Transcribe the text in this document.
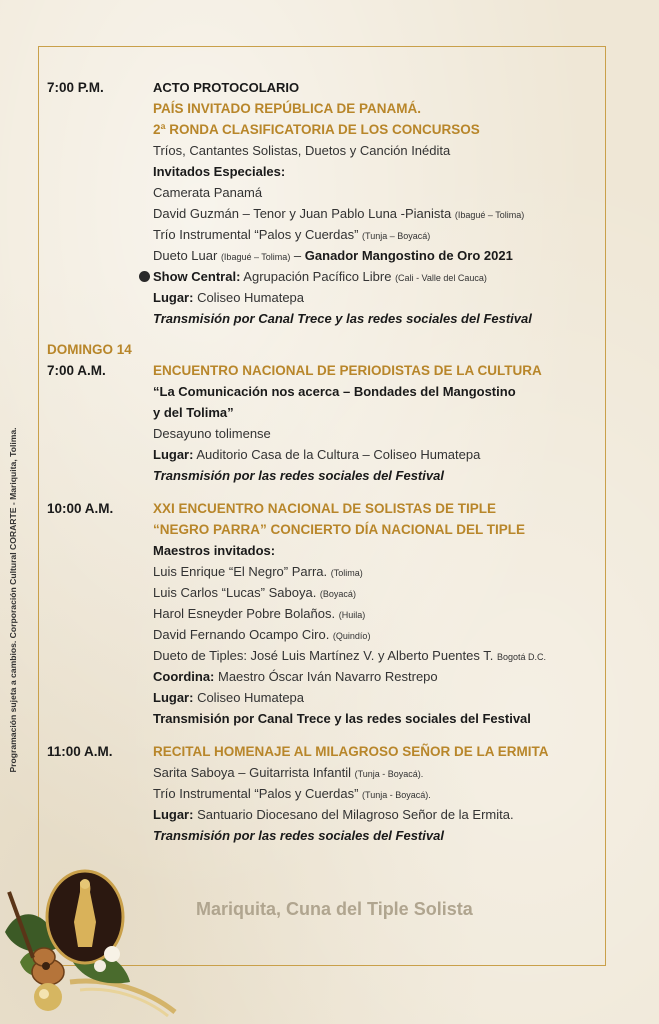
Programación sujeta a cambios. Corporación Cultural CORARTE - Mariquita, Tolima.
7:00 P.M.	ACTO PROTOCOLARIO
PAÍS INVITADO REPÚBLICA DE PANAMÁ.
2ª RONDA CLASIFICATORIA DE LOS CONCURSOS
Tríos, Cantantes Solistas, Duetos y Canción Inédita
Invitados Especiales:
Camerata Panamá
David Guzmán – Tenor y Juan Pablo Luna -Pianista (Ibagué – Tolima)
Trío Instrumental “Palos y Cuerdas” (Tunja – Boyacá)
Dueto Luar (Ibagué – Tolima) – Ganador Mangostino de Oro 2021
Show Central: Agrupación Pacífico Libre (Cali - Valle del Cauca)
Lugar: Coliseo Humatepa
Transmisión por Canal Trece y las redes sociales del Festival
DOMINGO 14
7:00 A.M.	ENCUENTRO NACIONAL DE PERIODISTAS DE LA CULTURA
“La Comunicación nos acerca – Bondades del Mangostino
y del Tolima”
Desayuno tolimense
Lugar: Auditorio Casa de la Cultura – Coliseo Humatepa
Transmisión por las redes sociales del Festival
10:00 A.M.	XXI ENCUENTRO NACIONAL DE SOLISTAS DE TIPLE
“NEGRO PARRA” CONCIERTO DÍA NACIONAL DEL TIPLE
Maestros invitados:
Luis Enrique “El Negro” Parra. (Tolima)
Luis Carlos “Lucas” Saboya. (Boyacá)
Harol Esneyder Pobre Bolaños. (Huila)
David Fernando Ocampo Ciro. (Quindío)
Dueto de Tiples: José Luis Martínez V. y Alberto Puentes T. Bogotá D.C.
Coordina: Maestro Óscar Iván Navarro Restrepo
Lugar: Coliseo Humatepa
Transmisión por Canal Trece y las redes sociales del Festival
11:00 A.M.	RECITAL HOMENAJE AL MILAGROSO SEÑOR DE LA ERMITA
Sarita Saboya – Guitarrista Infantil (Tunja - Boyacá).
Trío Instrumental “Palos y Cuerdas” (Tunja - Boyacá).
Lugar: Santuario Diocesano del Milagroso Señor de la Ermita.
Transmisión por las redes sociales del Festival
Mariquita, Cuna del Tiple Solista
